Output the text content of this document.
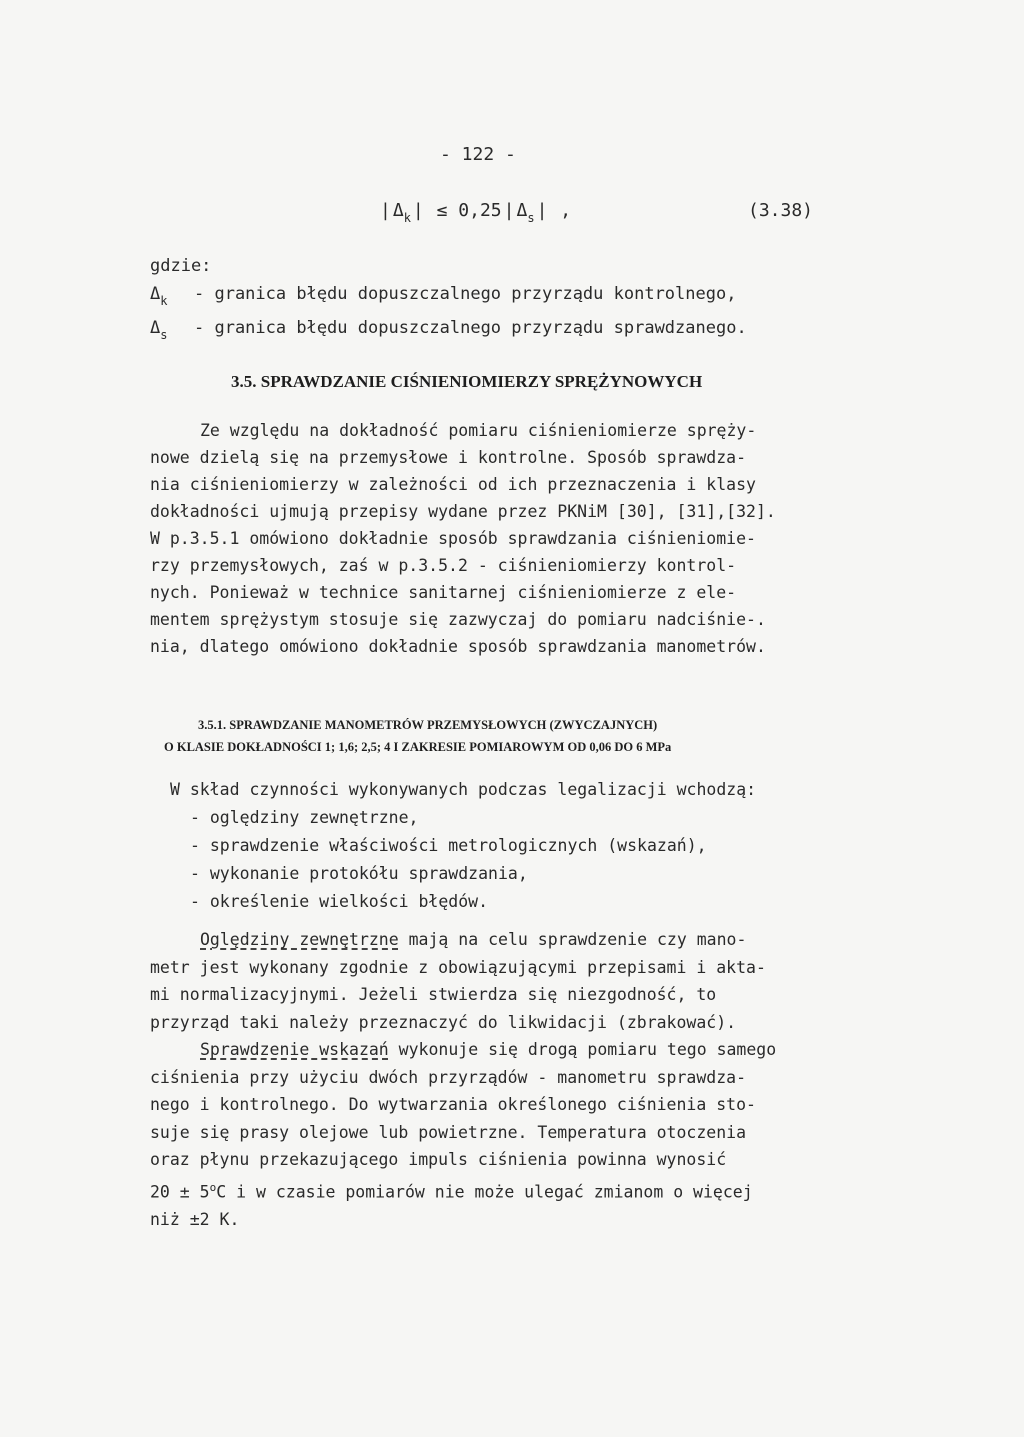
- 122 -
| $\Delta_k$ | ≤ 0,25 | $\Delta_s$ | ,	(3.38)
gdzie:
$\Delta_k$ - granica błędu dopuszczalnego przyrządu kontrolnego,
$\Delta_s$ - granica błędu dopuszczalnego przyrządu sprawdzanego.
3.5. SPRAWDZANIE CIŚNIENIOMIERZY SPRĘŻYNOWYCH
Ze względu na dokładność pomiaru ciśnieniomierze spręży-
nowe dzielą się na przemysłowe i kontrolne. Sposób sprawdza-
nia ciśnieniomierzy w zależności od ich przeznaczenia i klasy
dokładności ujmują przepisy wydane przez PKNiM [30], [31],[32].
W p.3.5.1 omówiono dokładnie sposób sprawdzania ciśnieniomie-
rzy przemysłowych, zaś w p.3.5.2 - ciśnieniomierzy kontrol-
nych. Ponieważ w technice sanitarnej ciśnieniomierze z ele-
mentem sprężystym stosuje się zazwyczaj do pomiaru nadciśnie-.
nia, dlatego omówiono dokładnie sposób sprawdzania manometrów.
3.5.1. SPRAWDZANIE MANOMETRÓW PRZEMYSŁOWYCH (ZWYCZAJNYCH)
O KLASIE DOKŁADNOŚCI 1; 1,6; 2,5; 4 I ZAKRESIE POMIAROWYM OD 0,06 DO 6 MPa
W skład czynności wykonywanych podczas legalizacji wchodzą:
- oględziny zewnętrzne,
- sprawdzenie właściwości metrologicznych (wskazań),
- wykonanie protokółu sprawdzania,
- określenie wielkości błędów.
Oględziny zewnętrzne mają na celu sprawdzenie czy mano-
metr jest wykonany zgodnie z obowiązującymi przepisami i akta-
mi normalizacyjnymi. Jeżeli stwierdza się niezgodność, to
przyrząd taki należy przeznaczyć do likwidacji (zbrakować).
Sprawdzenie wskazań wykonuje się drogą pomiaru tego samego
ciśnienia przy użyciu dwóch przyrządów - manometru sprawdza-
nego i kontrolnego. Do wytwarzania określonego ciśnienia sto-
suje się prasy olejowe lub powietrzne. Temperatura otoczenia
oraz płynu przekazującego impuls ciśnienia powinna wynosić
$20 \pm 5^oC$ i w czasie pomiarów nie może ulegać zmianom o więcej
niż ±2 K.
